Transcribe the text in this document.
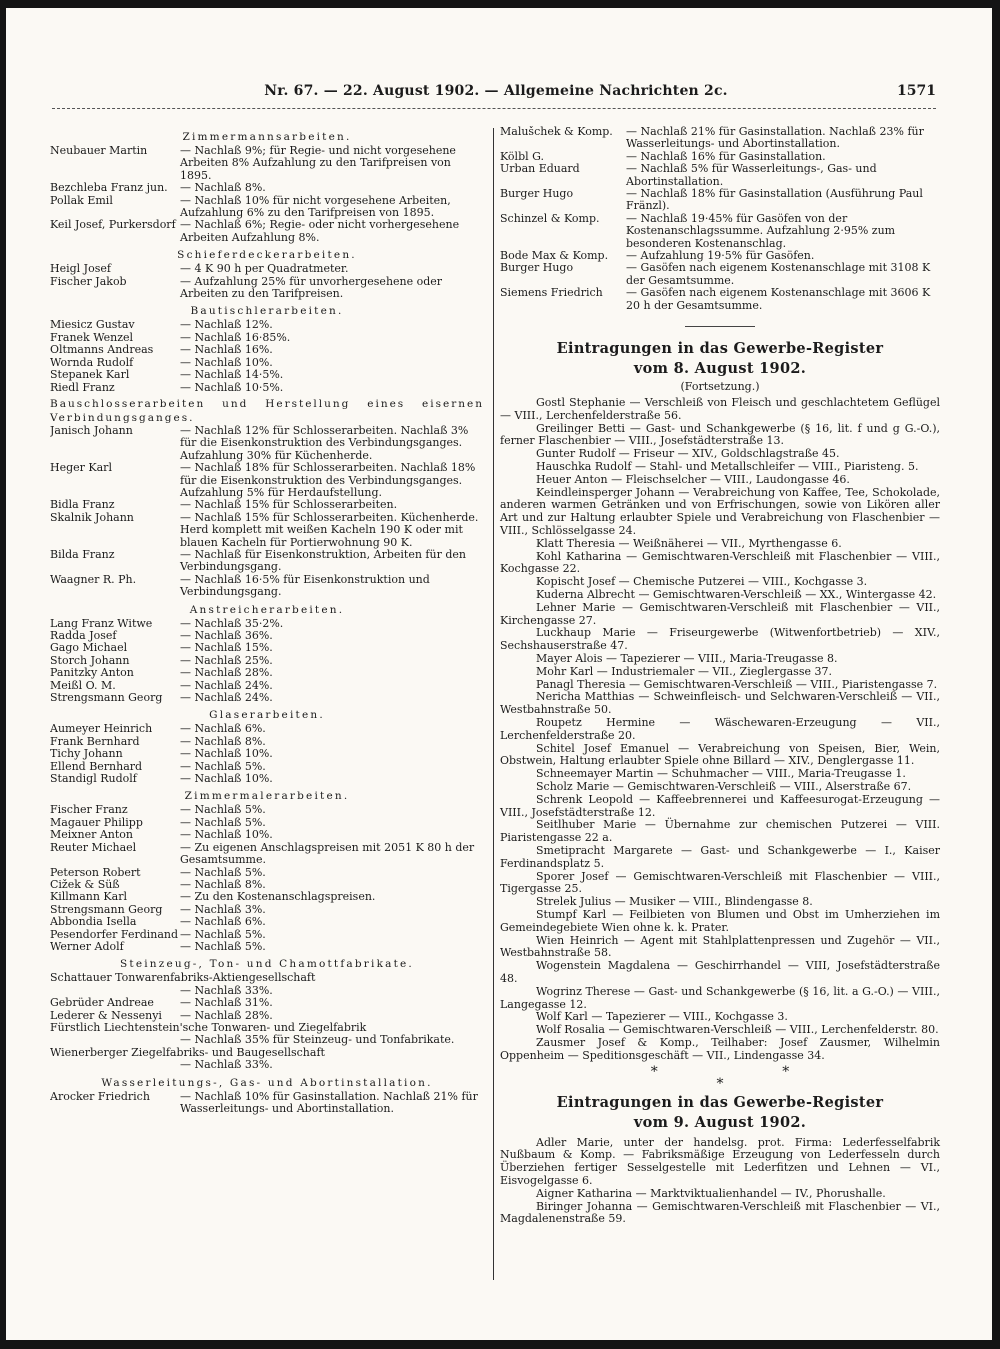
Nr. 67. — 22. August 1902. — Allgemeine Nachrichten 2c.	1571
Zimmermannsarbeiten.
Neubauer Martin	— Nachlaß 9%; für Regie- und nicht vorgesehene Arbeiten 8% Aufzahlung zu den Tarifpreisen von 1895.
Bezchleba Franz jun.	— Nachlaß 8%.
Pollak Emil	— Nachlaß 10% für nicht vorgesehene Arbeiten, Aufzahlung 6% zu den Tarifpreisen von 1895.
Keil Josef, Purkersdorf — Nachlaß 6%; Regie- oder nicht vorhergesehene Arbeiten Aufzahlung 8%.
Schieferdeckerarbeiten.
Heigl Josef	— 4 K 90 h per Quadratmeter.
Fischer Jakob	— Aufzahlung 25% für unvorhergesehene oder Arbeiten zu den Tarifpreisen.
Bautischlerarbeiten.
Miesicz Gustav	— Nachlaß 12%.
Franek Wenzel	— Nachlaß 16·85%.
Oltmanns Andreas	— Nachlaß 16%.
Wornda Rudolf	— Nachlaß 10%.
Stepanek Karl	— Nachlaß 14·5%.
Riedl Franz	— Nachlaß 10·5%.
Bauschlosserarbeiten und Herstellung eines eisernen Verbindungsganges.
Janisch Johann	— Nachlaß 12% für Schlosserarbeiten. Nachlaß 3% für die Eisenkonstruktion des Verbindungsganges. Aufzahlung 30% für Küchenherde.
Heger Karl	— Nachlaß 18% für Schlosserarbeiten. Nachlaß 18% für die Eisenkonstruktion des Verbindungsganges. Aufzahlung 5% für Herdaufstellung.
Bidla Franz	— Nachlaß 15% für Schlosserarbeiten.
Skalnik Johann	— Nachlaß 15% für Schlosserarbeiten. Küchenherde. Herd komplett mit weißen Kacheln 190 K oder mit blauen Kacheln für Portierwohnung 90 K.
Bilda Franz	— Nachlaß für Eisenkonstruktion, Arbeiten für den Verbindungsgang.
Waagner R. Ph.	— Nachlaß 16·5% für Eisenkonstruktion und Verbindungsgang.
Anstreicherarbeiten.
Lang Franz Witwe	— Nachlaß 35·2%.
Radda Josef	— Nachlaß 36%.
Gago Michael	— Nachlaß 15%.
Storch Johann	— Nachlaß 25%.
Panitzky Anton	— Nachlaß 28%.
Meißl O. M.	— Nachlaß 24%.
Strengsmann Georg	— Nachlaß 24%.
Glaserarbeiten.
Aumeyer Heinrich	— Nachlaß 6%.
Frank Bernhard	— Nachlaß 8%.
Tichy Johann	— Nachlaß 10%.
Ellend Bernhard	— Nachlaß 5%.
Standigl Rudolf	— Nachlaß 10%.
Zimmermalerarbeiten.
Fischer Franz	— Nachlaß 5%.
Magauer Philipp	— Nachlaß 5%.
Meixner Anton	— Nachlaß 10%.
Reuter Michael	— Zu eigenen Anschlagspreisen mit 2051 K 80 h der Gesamtsumme.
Peterson Robert	— Nachlaß 5%.
Čižek & Süß	— Nachlaß 8%.
Killmann Karl	— Zu den Kostenanschlagspreisen.
Strengsmann Georg	— Nachlaß 3%.
Abbondia Isella	— Nachlaß 6%.
Pesendorfer Ferdinand — Nachlaß 5%.
Werner Adolf	— Nachlaß 5%.
Steinzeug-, Ton- und Chamottfabrikate.
Schattauer Tonwarenfabriks-Aktiengesellschaft
— Nachlaß 33%.
Gebrüder Andreae	— Nachlaß 31%.
Lederer & Nessenyi	— Nachlaß 28%.
Fürstlich Liechtenstein'sche Tonwaren- und Ziegelfabrik
— Nachlaß 35% für Steinzeug- und Tonfabrikate.
Wienerberger Ziegelfabriks- und Baugesellschaft
— Nachlaß 33%.
Wasserleitungs-, Gas- und Abortinstallation.
Arocker Friedrich	— Nachlaß 10% für Gasinstallation. Nachlaß 21% für Wasserleitungs- und Abortinstallation.
Malušchek & Komp.	— Nachlaß 21% für Gasinstallation. Nachlaß 23% für Wasserleitungs- und Abortinstallation.
Kölbl G.	— Nachlaß 16% für Gasinstallation.
Urban Eduard	— Nachlaß 5% für Wasserleitungs-, Gas- und Abortinstallation.
Burger Hugo	— Nachlaß 18% für Gasinstallation (Ausführung Paul Fränzl).
Schinzel & Komp.	— Nachlaß 19·45% für Gasöfen von der Kostenanschlagssumme. Aufzahlung 2·95% zum besonderen Kostenanschlag.
Bode Max & Komp.	— Aufzahlung 19·5% für Gasöfen.
Burger Hugo	— Gasöfen nach eigenem Kostenanschlage mit 3108 K der Gesamtsumme.
Siemens Friedrich	— Gasöfen nach eigenem Kostenanschlage mit 3606 K 20 h der Gesamtsumme.
Eintragungen in das Gewerbe-Register
vom 8. August 1902.
(Fortsetzung.)
Gostl Stephanie — Verschleiß von Fleisch und geschlachtetem Geflügel — VIII., Lerchenfelderstraße 56.
Greilinger Betti — Gast- und Schankgewerbe (§ 16, lit. f und g G.-O.), ferner Flaschenbier — VIII., Josefstädterstraße 13.
Gunter Rudolf — Friseur — XIV., Goldschlagstraße 45.
Hauschka Rudolf — Stahl- und Metallschleifer — VIII., Piaristeng. 5.
Heuer Anton — Fleischselcher — VIII., Laudongasse 46.
Keindleinsperger Johann — Verabreichung von Kaffee, Tee, Schokolade, anderen warmen Getränken und von Erfrischungen, sowie von Likören aller Art und zur Haltung erlaubter Spiele und Verabreichung von Flaschenbier — VIII., Schlösselgasse 24.
Klatt Theresia — Weißnäherei — VII., Myrthengasse 6.
Kohl Katharina — Gemischtwaren-Verschleiß mit Flaschenbier — VIII., Kochgasse 22.
Kopischt Josef — Chemische Putzerei — VIII., Kochgasse 3.
Kuderna Albrecht — Gemischtwaren-Verschleiß — XX., Wintergasse 42.
Lehner Marie — Gemischtwaren-Verschleiß mit Flaschenbier — VII., Kirchengasse 27.
Luckhaup Marie — Friseurgewerbe (Witwenfortbetrieb) — XIV., Sechshauserstraße 47.
Mayer Alois — Tapezierer — VIII., Maria-Treugasse 8.
Mohr Karl — Industriemaler — VII., Zieglergasse 37.
Panagl Theresia — Gemischtwaren-Verschleiß — VIII., Piaristengasse 7.
Nericha Matthias — Schweinfleisch- und Selchwaren-Verschleiß — VII., Westbahnstraße 50.
Roupetz Hermine — Wäschewaren-Erzeugung — VII., Lerchenfelderstraße 20.
Schitel Josef Emanuel — Verabreichung von Speisen, Bier, Wein, Obstwein, Haltung erlaubter Spiele ohne Billard — XIV., Denglergasse 11.
Schneemayer Martin — Schuhmacher — VIII., Maria-Treugasse 1.
Scholz Marie — Gemischtwaren-Verschleiß — VIII., Alserstraße 67.
Schrenk Leopold — Kaffeebrennerei und Kaffeesurogat-Erzeugung — VIII., Josefstädterstraße 12.
Seitlhuber Marie — Übernahme zur chemischen Putzerei — VIII. Piaristengasse 22 a.
Smetipracht Margarete — Gast- und Schankgewerbe — I., Kaiser Ferdinandsplatz 5.
Sporer Josef — Gemischtwaren-Verschleiß mit Flaschenbier — VIII., Tigergasse 25.
Strelek Julius — Musiker — VIII., Blindengasse 8.
Stumpf Karl — Feilbieten von Blumen und Obst im Umherziehen im Gemeindegebiete Wien ohne k. k. Prater.
Wien Heinrich — Agent mit Stahlplattenpressen und Zugehör — VII., Westbahnstraße 58.
Wogenstein Magdalena — Geschirrhandel — VIII, Josefstädterstraße 48.
Wogrinz Therese — Gast- und Schankgewerbe (§ 16, lit. a G.-O.) — VIII., Langegasse 12.
Wolf Karl — Tapezierer — VIII., Kochgasse 3.
Wolf Rosalia — Gemischtwaren-Verschleiß — VIII., Lerchenfelderstr. 80.
Zausmer Josef & Komp., Teilhaber: Josef Zausmer, Wilhelmin Oppenheim — Speditionsgeschäft — VII., Lindengasse 34.
* *
*
Eintragungen in das Gewerbe-Register
vom 9. August 1902.
Adler Marie, unter der handelsg. prot. Firma: Lederfesselfabrik Nußbaum & Komp. — Fabriksmäßige Erzeugung von Lederfesseln durch Überziehen fertiger Sesselgestelle mit Lederfitzen und Lehnen — VI., Eisvogelgasse 6.
Aigner Katharina — Marktviktualienhandel — IV., Phorushalle.
Biringer Johanna — Gemischtwaren-Verschleiß mit Flaschenbier — VI., Magdalenenstraße 59.
